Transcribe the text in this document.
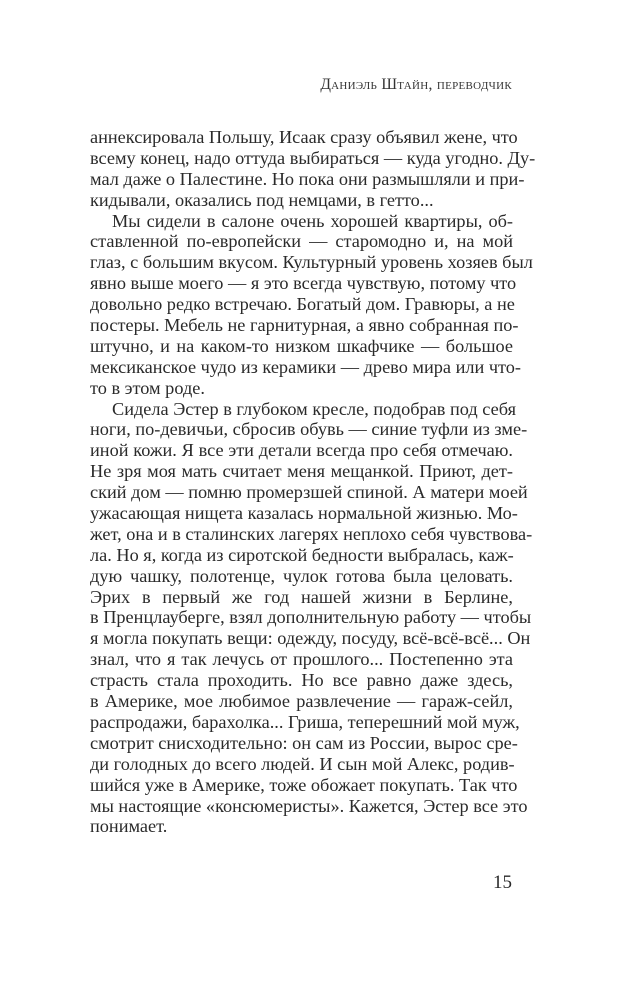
Даниэль Штайн, переводчик
аннексировала Польшу, Исаак сразу объявил жене, что
всему конец, надо оттуда выбираться — куда угодно. Ду-
мал даже о Палестине. Но пока они размышляли и при-
кидывали, оказались под немцами, в гетто...
Мы сидели в салоне очень хорошей квартиры, об-
ставленной по-европейски — старомодно и, на мой
глаз, с большим вкусом. Культурный уровень хозяев был
явно выше моего — я это всегда чувствую, потому что
довольно редко встречаю. Богатый дом. Гравюры, а не
постеры. Мебель не гарнитурная, а явно собранная по-
штучно, и на каком-то низком шкафчике — большое
мексиканское чудо из керамики — древо мира или что-
то в этом роде.
Сидела Эстер в глубоком кресле, подобрав под себя
ноги, по-девичьи, сбросив обувь — синие туфли из зме-
иной кожи. Я все эти детали всегда про себя отмечаю.
Не зря моя мать считает меня мещанкой. Приют, дет-
ский дом — помню промерзшей спиной. А матери моей
ужасающая нищета казалась нормальной жизнью. Мо-
жет, она и в сталинских лагерях неплохо себя чувствова-
ла. Но я, когда из сиротской бедности выбралась, каж-
дую чашку, полотенце, чулок готова была целовать.
Эрих в первый же год нашей жизни в Берлине,
в Пренцлауберге, взял дополнительную работу — чтобы
я могла покупать вещи: одежду, посуду, всё-всё-всё... Он
знал, что я так лечусь от прошлого... Постепенно эта
страсть стала проходить. Но все равно даже здесь,
в Америке, мое любимое развлечение — гараж-сейл,
распродажи, барахолка... Гриша, теперешний мой муж,
смотрит снисходительно: он сам из России, вырос сре-
ди голодных до всего людей. И сын мой Алекс, родив-
шийся уже в Америке, тоже обожает покупать. Так что
мы настоящие «консюмеристы». Кажется, Эстер все это
понимает.
15
